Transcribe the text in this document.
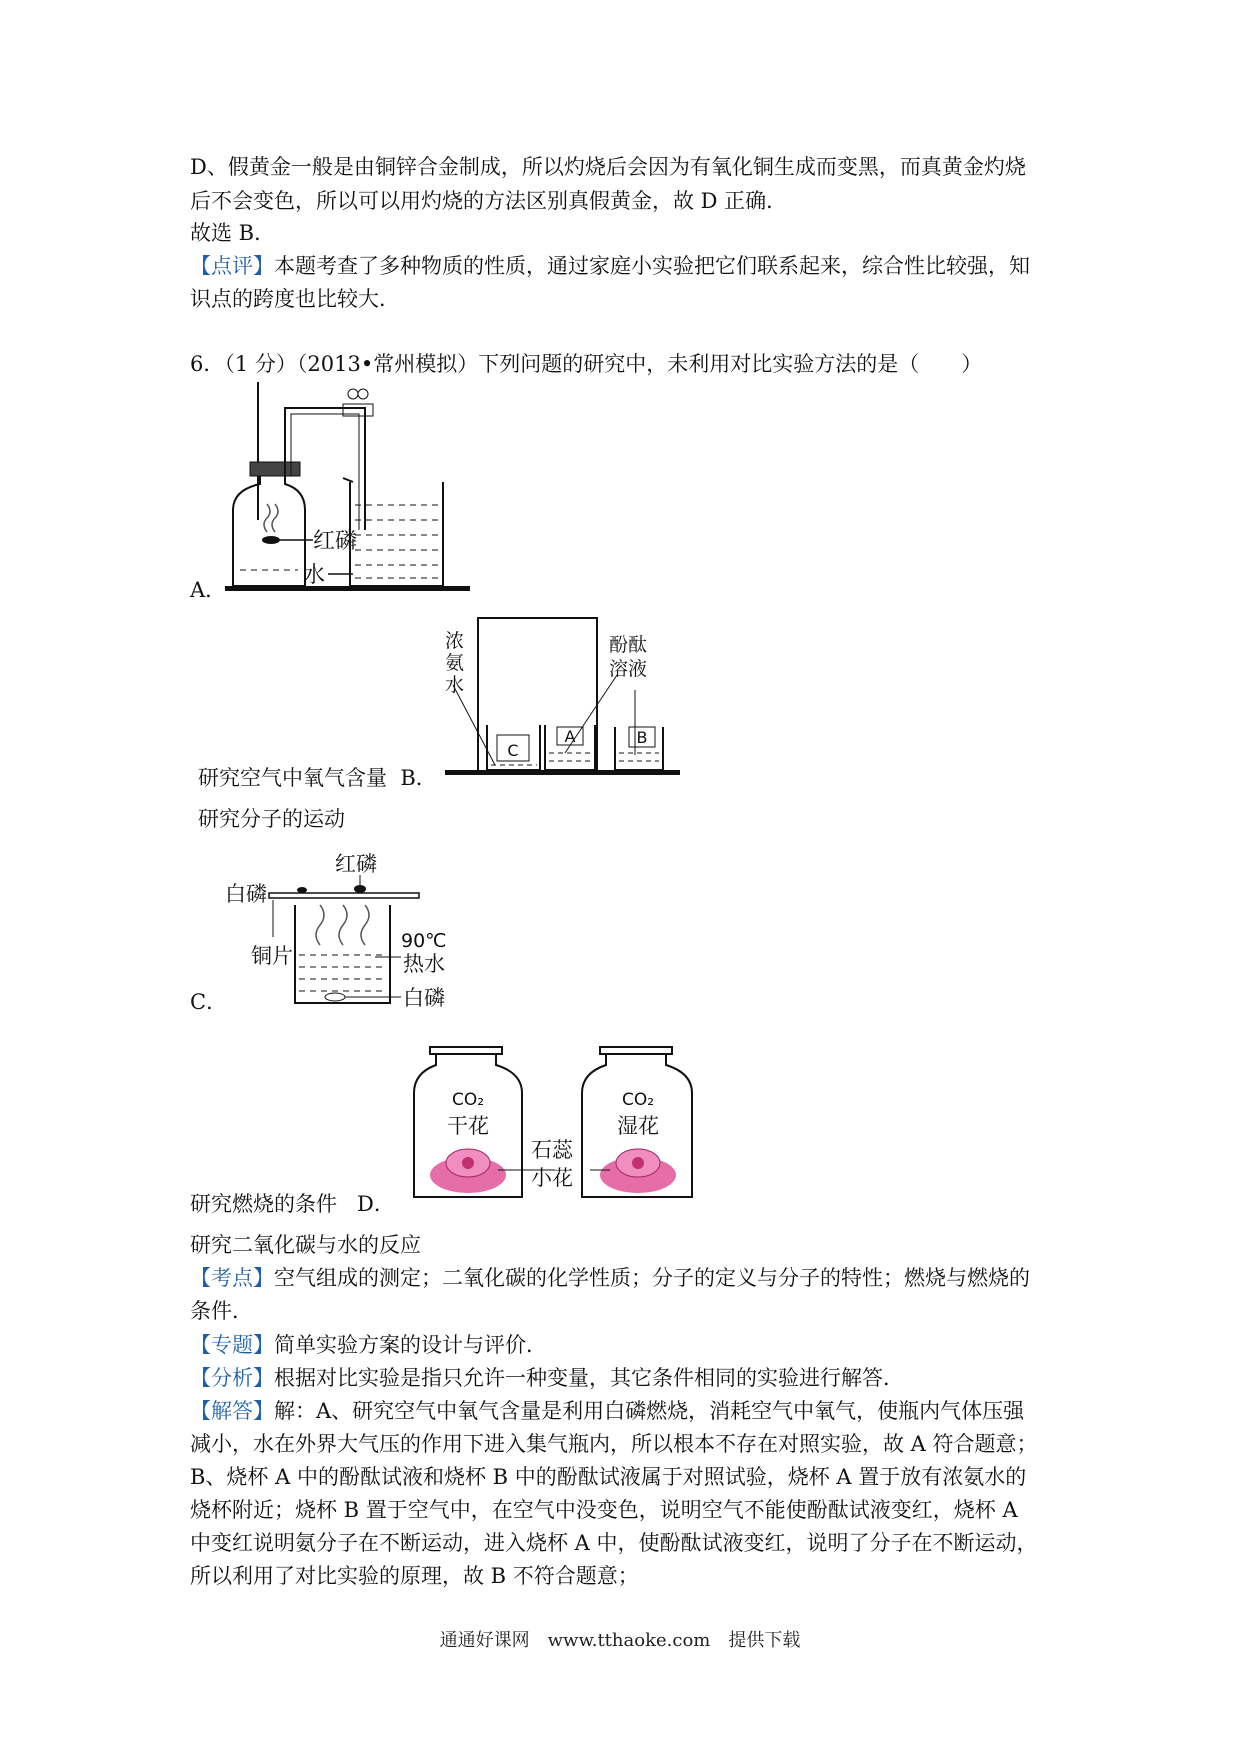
D、假黄金一般是由铜锌合金制成，所以灼烧后会因为有氧化铜生成而变黑，而真黄金灼烧
后不会变色，所以可以用灼烧的方法区别真假黄金，故 D 正确．
故选 B．
【点评】本题考查了多种物质的性质，通过家庭小实验把它们联系起来，综合性比较强，知
识点的跨度也比较大．
6．（1 分）（2013•常州模拟）下列问题的研究中，未利用对比实验方法的是（　　）
红磷
水
A．
C
A	B
浓
氨
水
酚酞
溶液
研究空气中氧气含量 B．
研究分子的运动
红磷
白磷
铜片
90℃
热水
白磷
C．
CO₂	CO₂
干花	湿花
石蕊
小花
研究燃烧的条件 D．
研究二氧化碳与水的反应
【考点】空气组成的测定；二氧化碳的化学性质；分子的定义与分子的特性；燃烧与燃烧的
条件．
【专题】简单实验方案的设计与评价．
【分析】根据对比实验是指只允许一种变量，其它条件相同的实验进行解答．
【解答】解：A、研究空气中氧气含量是利用白磷燃烧，消耗空气中氧气，使瓶内气体压强
减小，水在外界大气压的作用下进入集气瓶内，所以根本不存在对照实验，故 A 符合题意；
B、烧杯 A 中的酚酞试液和烧杯 B 中的酚酞试液属于对照试验，烧杯 A 置于放有浓氨水的
烧杯附近；烧杯 B 置于空气中，在空气中没变色，说明空气不能使酚酞试液变红，烧杯 A
中变红说明氨分子在不断运动，进入烧杯 A 中，使酚酞试液变红，说明了分子在不断运动，
所以利用了对比实验的原理，故 B 不符合题意；
通通好课网　www.tthaoke.com　提供下载
